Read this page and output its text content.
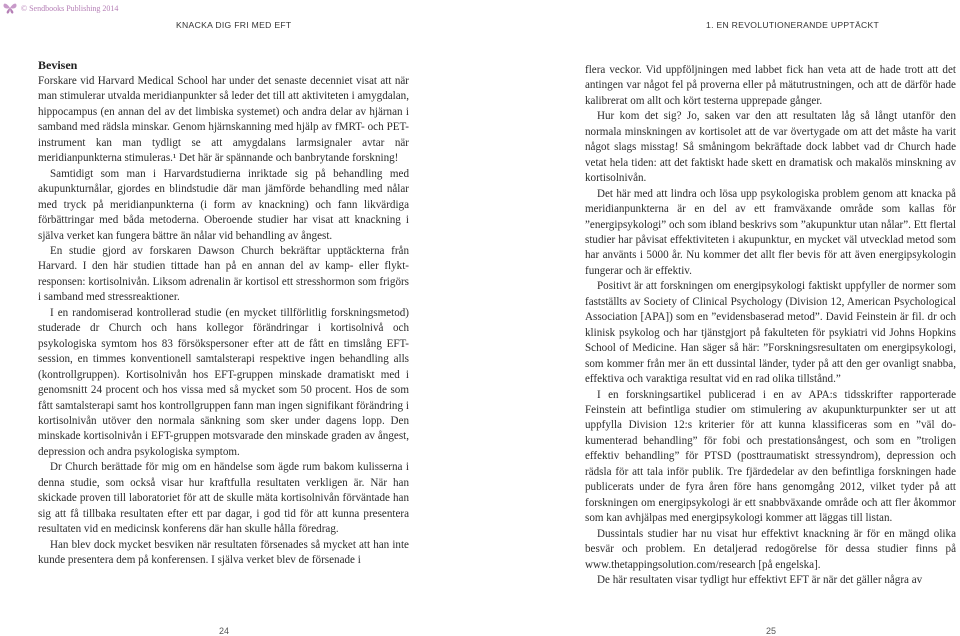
© Sendbooks Publishing 2014
KNACKA DIG FRI MED EFT	1. EN REVOLUTIONERANDE UPPTÄCKT
Bevisen

Forskare vid Harvard Medical School har under det senaste decenniet visat att när man stimulerar utvalda meridianpunkter så leder det till att aktiviteten i amygdalan, hippocampus (en annan del av det limbiska systemet) och andra delar av hjärnan i samband med rädsla minskar. Genom hjärnskanning med hjälp av fMRT- och PET-instrument kan man tydligt se att amygdalans larmsignaler avtar när meridianpunkterna stimuleras.¹ Det här är spännande och banbrytande forskning!

Samtidigt som man i Harvardstudierna inriktade sig på behandling med akupunkturnålar, gjordes en blindstudie där man jämförde behandling med nålar med tryck på meridianpunkterna (i form av knackning) och fann likvärdiga förbättringar med båda metoderna. Oberoende studier har visat att knackning i själva verket kan fungera bättre än nålar vid behandling av ångest.

En studie gjord av forskaren Dawson Church bekräftar upptäckterna från Harvard. I den här studien tittade han på en annan del av kamp- eller flyktresponsen: kortisolnivån. Liksom adrenalin är kortisol ett stresshormon som frigörs i samband med stressreaktioner.

I en randomiserad kontrollerad studie (en mycket tillförlitlig forskningsmetod) studerade dr Church och hans kollegor förändringar i kortisolnivå och psykologiska symtom hos 83 försökspersoner efter att de fått en timslång EFT-session, en timmes konventionell samtalsterapi respektive ingen behandling alls (kontrollgruppen). Kortisolnivån hos EFT-gruppen minskade dramatiskt med i genomsnitt 24 procent och hos vissa med så mycket som 50 procent. Hos de som fått samtalsterapi samt hos kontrollgruppen fann man ingen signifikant förändring i kortisolnivån utöver den normala sänkning som sker under dagens lopp. Den minskade kortisolnivån i EFT-gruppen motsvarade den minskade graden av ångest, depression och andra psykologiska symptom.

Dr Church berättade för mig om en händelse som ägde rum bakom kulisserna i denna studie, som också visar hur kraftfulla resultaten verkligen är. När han skickade proven till laboratoriet för att de skulle mäta kortisolnivån förväntade han sig att få tillbaka resultaten efter ett par dagar, i god tid för att kunna presentera resultaten vid en medicinsk konferens där han skulle hålla föredrag.

Han blev dock mycket besviken när resultaten försenades så mycket att han inte kunde presentera dem på konferensen. I själva verket blev de försenade i

flera veckor. Vid uppföljningen med labbet fick han veta att de hade trott att det antingen var något fel på proverna eller på mätutrustningen, och att de därför hade kalibrerat om allt och kört testerna upprepade gånger.

Hur kom det sig? Jo, saken var den att resultaten låg så långt utanför den normala minskningen av kortisolet att de var övertygade om att det måste ha varit något slags misstag! Så småningom bekräftade dock labbet vad dr Church hade vetat hela tiden: att det faktiskt hade skett en dramatisk och makalös minskning av kortisolnivån.

Det här med att lindra och lösa upp psykologiska problem genom att knacka på meridianpunkterna är en del av ett framväxande område som kallas för ”energipsykologi” och som ibland beskrivs som ”akupunktur utan nålar”. Ett flertal studier har påvisat effektiviteten i akupunktur, en mycket väl utvecklad metod som har använts i 5000 år. Nu kommer det allt fler bevis för att även energipsykologin fungerar och är effektiv.

Positivt är att forskningen om energipsykologi faktiskt uppfyller de normer som fastställts av Society of Clinical Psychology (Division 12, American Psychological Association [APA]) som en ”evidensbaserad metod”. David Feinstein är fil. dr och klinisk psykolog och har tjänstgjort på fakulteten för psykiatri vid Johns Hopkins School of Medicine. Han säger så här: ”Forskningsresultaten om energipsykologi, som kommer från mer än ett dussintal länder, tyder på att den ger ovanligt snabba, effektiva och varaktiga resultat vid en rad olika tillstånd.”

I en forskningsartikel publicerad i en av APA:s tidsskrifter rapporterade Feinstein att befintliga studier om stimulering av akupunkturpunkter ser ut att uppfylla Division 12:s kriterier för att kunna klassificeras som en ”väl dokumenterad behandling” för fobi och prestationsångest, och som en ”troligen effektiv behandling” för PTSD (posttraumatiskt stressyndrom), depression och rädsla för att tala inför publik. Tre fjärdedelar av den befintliga forskningen hade publicerats under de fyra åren före hans genomgång 2012, vilket tyder på att forskningen om energipsykologi är ett snabbväxande område och att fler åkommor som kan avhjälpas med energipsykologi kommer att läggas till listan.

Dussintals studier har nu visat hur effektivt knackning är för en mängd olika besvär och problem. En detaljerad redogörelse för dessa studier finns på www.thetappingsolution.com/research [på engelska].

De här resultaten visar tydligt hur effektivt EFT är när det gäller några av

24	25
